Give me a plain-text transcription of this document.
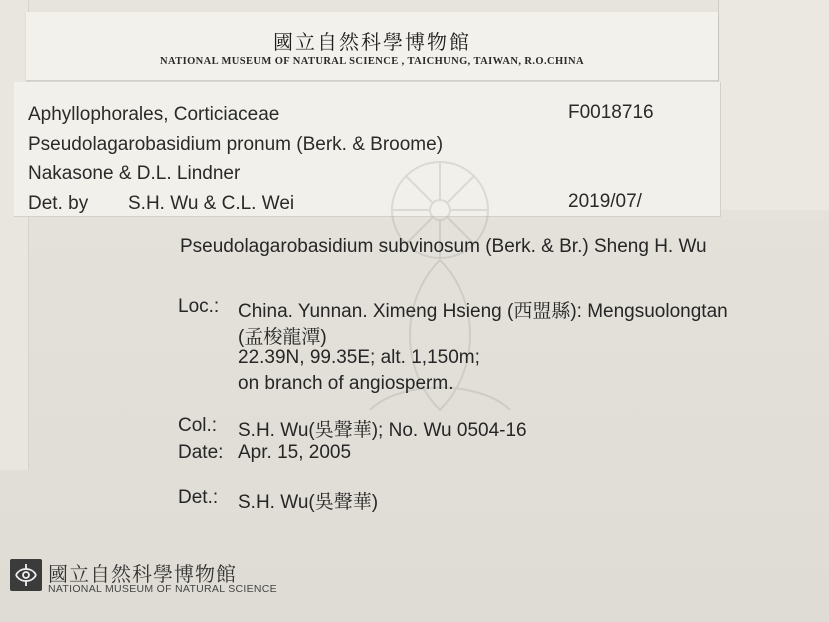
國立自然科學博物館
NATIONAL MUSEUM OF NATURAL SCIENCE , TAICHUNG, TAIWAN, R.O.CHINA
Aphyllophorales, Corticiaceae	F0018716
Pseudolagarobasidium pronum (Berk. & Broome)
Nakasone & D.L. Lindner
Det. by S.H. Wu & C.L. Wei	2019/07/
Pseudolagarobasidium subvinosum (Berk. & Br.) Sheng H. Wu
Loc.: China. Yunnan. Ximeng Hsieng (西盟縣): Mengsuolongtan
(孟梭龍潭)
22.39N, 99.35E; alt. 1,150m;
on branch of angiosperm.
Col.: S.H. Wu(吳聲華); No. Wu 0504-16
Date: Apr. 15, 2005
Det.: S.H. Wu(吳聲華)
國立自然科學博物館
NATIONAL MUSEUM OF NATURAL SCIENCE
